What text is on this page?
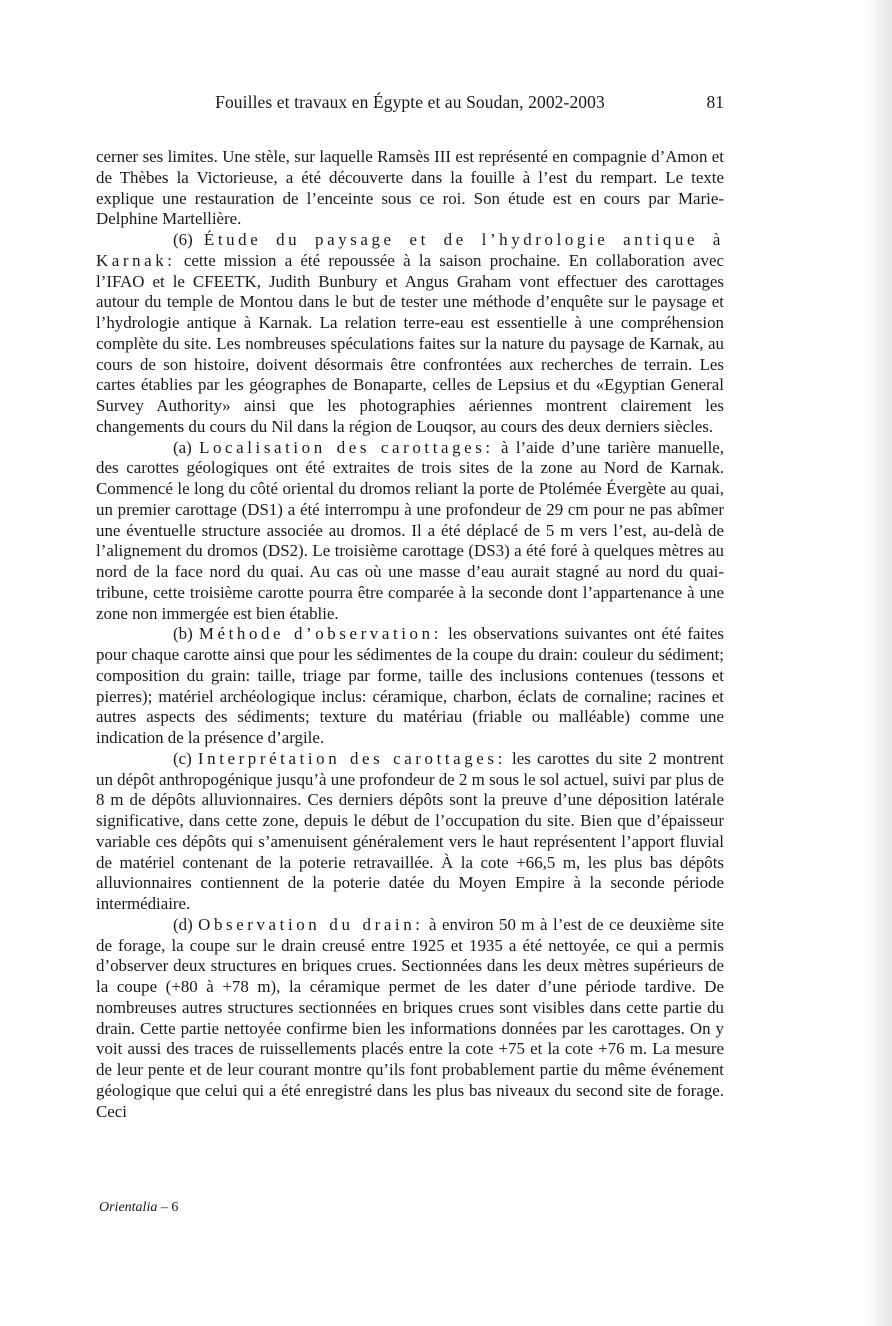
Fouilles et travaux en Égypte et au Soudan, 2002-2003	81

cerner ses limites. Une stèle, sur laquelle Ramsès III est représenté en compagnie d’Amon et de Thèbes la Victorieuse, a été découverte dans la fouille à l’est du rempart. Le texte explique une restauration de l’enceinte sous ce roi. Son étude est en cours par Marie-Delphine Martellière.

(6) Étude du paysage et de l’hydrologie antique à Karnak: cette mission a été repoussée à la saison prochaine. En collaboration avec l’IFAO et le CFEETK, Judith Bunbury et Angus Graham vont effectuer des carottages autour du temple de Montou dans le but de tester une méthode d’enquête sur le paysage et l’hydrologie antique à Karnak. La relation terre-eau est essentielle à une compréhension complète du site. Les nombreuses spéculations faites sur la nature du paysage de Karnak, au cours de son histoire, doivent désormais être confrontées aux recherches de terrain. Les cartes établies par les géographes de Bonaparte, celles de Lepsius et du «Egyptian General Survey Authority» ainsi que les photographies aériennes montrent clairement les changements du cours du Nil dans la région de Louqsor, au cours des deux derniers siècles.

(a) Localisation des carottages: à l’aide d’une tarière manuelle, des carottes géologiques ont été extraites de trois sites de la zone au Nord de Karnak. Commencé le long du côté oriental du dromos reliant la porte de Ptolémée Évergète au quai, un premier carottage (DS1) a été interrompu à une profondeur de 29 cm pour ne pas abîmer une éventuelle structure associée au dromos. Il a été déplacé de 5 m vers l’est, au-delà de l’alignement du dromos (DS2). Le troisième carottage (DS3) a été foré à quelques mètres au nord de la face nord du quai. Au cas où une masse d’eau aurait stagné au nord du quai-tribune, cette troisième carotte pourra être comparée à la seconde dont l’appartenance à une zone non immergée est bien établie.

(b) Méthode d’observation: les observations suivantes ont été faites pour chaque carotte ainsi que pour les sédimentes de la coupe du drain: couleur du sédiment; composition du grain: taille, triage par forme, taille des inclusions contenues (tessons et pierres); matériel archéologique inclus: céramique, charbon, éclats de cornaline; racines et autres aspects des sédiments; texture du matériau (friable ou malléable) comme une indication de la présence d’argile.

(c) Interprétation des carottages: les carottes du site 2 montrent un dépôt anthropogénique jusqu’à une profondeur de 2 m sous le sol actuel, suivi par plus de 8 m de dépôts alluvionnaires. Ces derniers dépôts sont la preuve d’une déposition latérale significative, dans cette zone, depuis le début de l’occupation du site. Bien que d’épaisseur variable ces dépôts qui s’amenuisent généralement vers le haut représentent l’apport fluvial de matériel contenant de la poterie retravaillée. À la cote +66,5 m, les plus bas dépôts alluvionnaires contiennent de la poterie datée du Moyen Empire à la seconde période intermédiaire.

(d) Observation du drain: à environ 50 m à l’est de ce deuxième site de forage, la coupe sur le drain creusé entre 1925 et 1935 a été nettoyée, ce qui a permis d’observer deux structures en briques crues. Sectionnées dans les deux mètres supérieurs de la coupe (+80 à +78 m), la céramique permet de les dater d’une période tardive. De nombreuses autres structures sectionnées en briques crues sont visibles dans cette partie du drain. Cette partie nettoyée confirme bien les informations données par les carottages. On y voit aussi des traces de ruissellements placés entre la cote +75 et la cote +76 m. La mesure de leur pente et de leur courant montre qu’ils font probablement partie du même événement géologique que celui qui a été enregistré dans les plus bas niveaux du second site de forage. Ceci

Orientalia – 6
